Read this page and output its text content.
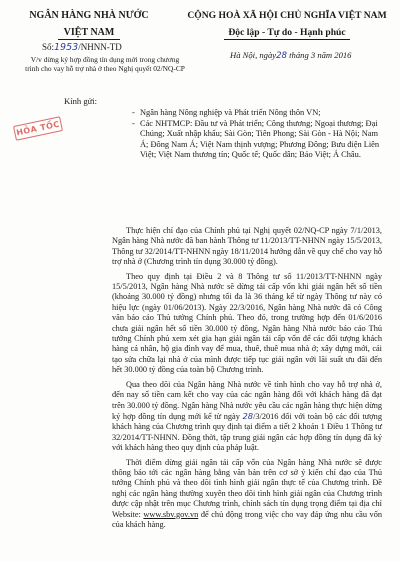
NGÂN HÀNG NHÀ NƯỚC
VIỆT NAM
CỘNG HOÀ XÃ HỘI CHỦ NGHĨA VIỆT NAM
Độc lập - Tự do - Hạnh phúc
Số:1953/NHNN-TD
V/v dừng ký hợp đồng tín dụng mới trong chương trình cho vay hỗ trợ nhà ở theo Nghị quyết 02/NQ-CP
Hà Nội, ngày28 tháng 3 năm 2016
Kính gửi:
HỎA TỐC
- Ngân hàng Nông nghiệp và Phát triển Nông thôn VN;
- Các NHTMCP: Đầu tư và Phát triển; Công thương; Ngoại thương; Đại Chúng; Xuất nhập khẩu; Sài Gòn; Tiên Phong; Sài Gòn - Hà Nội; Nam Á; Đông Nam Á; Việt Nam thịnh vượng; Phương Đông; Bưu điện Liên Việt; Việt Nam thương tín; Quốc tế; Quốc dân; Bảo Việt; Á Châu.

Thực hiện chỉ đạo của Chính phủ tại Nghị quyết 02/NQ-CP ngày 7/1/2013, Ngân hàng Nhà nước đã ban hành Thông tư 11/2013/TT-NHNN ngày 15/5/2013, Thông tư 32/2014/TT-NHNN ngày 18/11/2014 hướng dẫn về quy chế cho vay hỗ trợ nhà ở (Chương trình tín dụng 30.000 tỷ đồng).

Theo quy định tại Điều 2 và 8 Thông tư số 11/2013/TT-NHNN ngày 15/5/2013, Ngân hàng Nhà nước sẽ dừng tái cấp vốn khi giải ngân hết số tiền (khoảng 30.000 tỷ đồng) nhưng tối đa là 36 tháng kể từ ngày Thông tư này có hiệu lực (ngày 01/06/2013). Ngày 22/3/2016, Ngân hàng Nhà nước đã có Công văn báo cáo Thủ tướng Chính phủ. Theo đó, trong trường hợp đến 01/6/2016 chưa giải ngân hết số tiền 30.000 tỷ đồng, Ngân hàng Nhà nước báo cáo Thủ tướng Chính phủ xem xét gia hạn giải ngân tái cấp vốn để các đối tượng khách hàng cá nhân, hộ gia đình vay để mua, thuê, thuê mua nhà ở; xây dựng mới, cải tạo sửa chữa lại nhà ở của mình được tiếp tục giải ngân với lãi suất ưu đãi đến hết 30.000 tỷ đồng của toàn bộ Chương trình.

Qua theo dõi của Ngân hàng Nhà nước về tình hình cho vay hỗ trợ nhà ở, đến nay số tiền cam kết cho vay của các ngân hàng đối với khách hàng đã đạt trên 30.000 tỷ đồng. Ngân hàng Nhà nước yêu cầu các ngân hàng thực hiện dừng ký hợp đồng tín dụng mới kể từ ngày 28/3/2016 đối với toàn bộ các đối tượng khách hàng của Chương trình quy định tại điểm a tiết 2 khoản 1 Điều 1 Thông tư 32/2014/TT-NHNN. Đồng thời, tập trung giải ngân các hợp đồng tín dụng đã ký với khách hàng theo quy định của pháp luật.

Thời điểm dừng giải ngân tái cấp vốn của Ngân hàng Nhà nước sẽ được thông báo tới các ngân hàng bằng văn bản trên cơ sở ý kiến chỉ đạo của Thủ tướng Chính phủ và theo dõi tình hình giải ngân thực tế của Chương trình. Đề nghị các ngân hàng thường xuyên theo dõi tình hình giải ngân của Chương trình được cập nhật trên mục Chương trình, chính sách tín dụng trọng điểm tại địa chỉ Website: www.sbv.gov.vn để chủ động trong việc cho vay đáp ứng nhu cầu vốn của khách hàng.
